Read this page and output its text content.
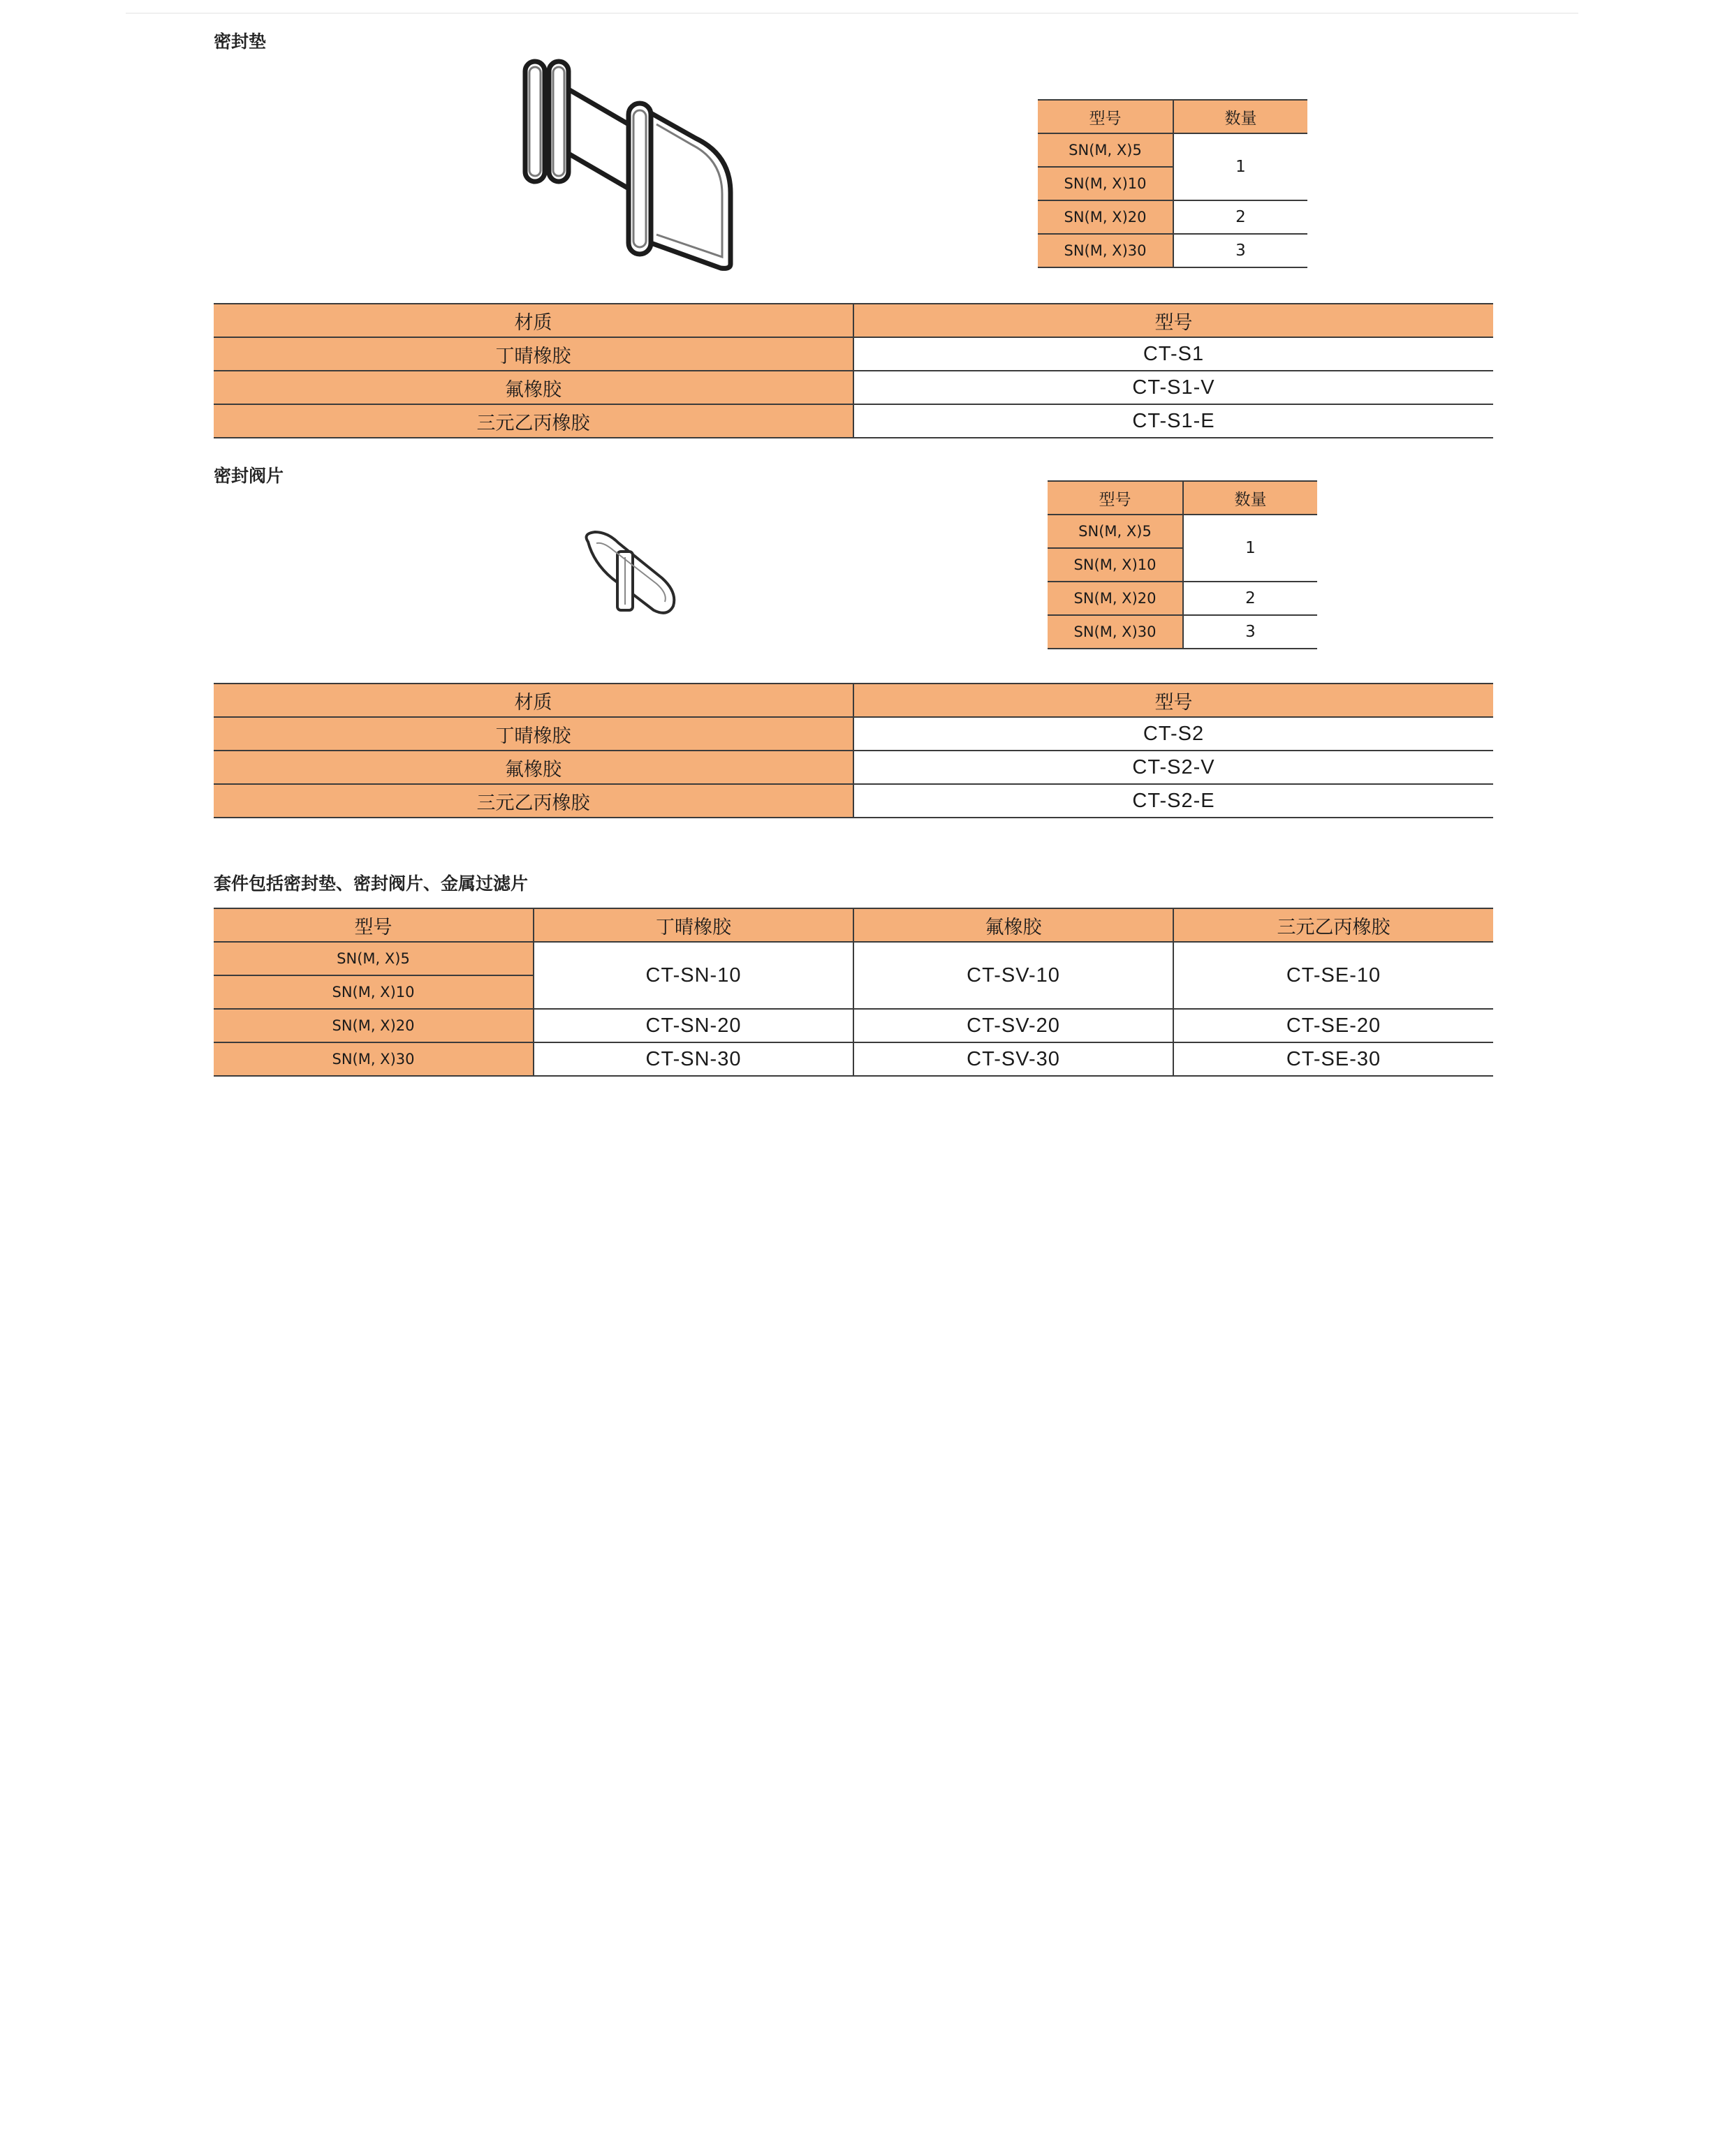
密封垫
型号	数量
SN(M, X)5	1
SN(M, X)10	
SN(M, X)20	2
SN(M, X)30	3
材质	型号
丁晴橡胶	CT-S1
氟橡胶	CT-S1-V
三元乙丙橡胶	CT-S1-E
密封阀片
型号	数量
SN(M, X)5	1
SN(M, X)10	
SN(M, X)20	2
SN(M, X)30	3
材质	型号
丁晴橡胶	CT-S2
氟橡胶	CT-S2-V
三元乙丙橡胶	CT-S2-E
套件包括密封垫、密封阀片、金属过滤片
型号	丁晴橡胶	氟橡胶	三元乙丙橡胶
SN(M, X)5	CT-SN-10	CT-SV-10	CT-SE-10
SN(M, X)10			
SN(M, X)20	CT-SN-20	CT-SV-20	CT-SE-20
SN(M, X)30	CT-SN-30	CT-SV-30	CT-SE-30
